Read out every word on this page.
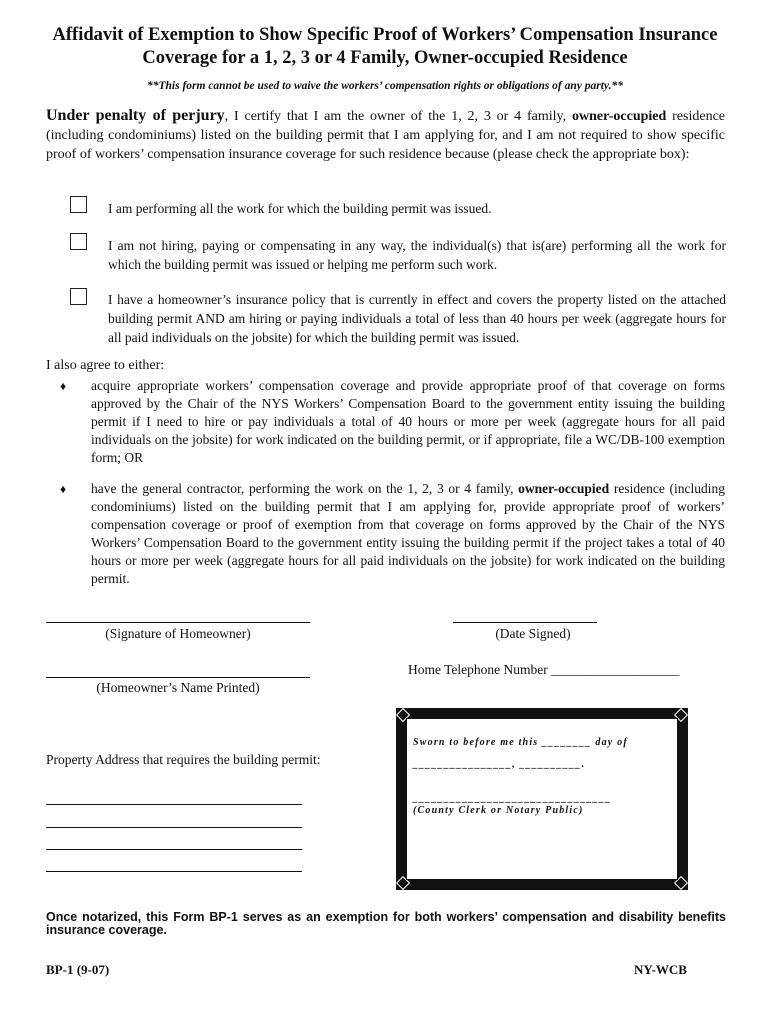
Affidavit of Exemption to Show Specific Proof of Workers’ Compensation Insurance
Coverage for a 1, 2, 3 or 4 Family, Owner-occupied Residence
**This form cannot be used to waive the workers’ compensation rights or obligations of any party.**
Under penalty of perjury, I certify that I am the owner of the 1, 2, 3 or 4 family, owner-occupied residence (including condominiums) listed on the building permit that I am applying for, and I am not required to show specific proof of workers’ compensation insurance coverage for such residence because (please check the appropriate box):
I am performing all the work for which the building permit was issued.
I am not hiring, paying or compensating in any way, the individual(s) that is(are) performing all the work for which the building permit was issued or helping me perform such work.
I have a homeowner’s insurance policy that is currently in effect and covers the property listed on the attached building permit AND am hiring or paying individuals a total of less than 40 hours per week (aggregate hours for all paid individuals on the jobsite) for which the building permit was issued.
I also agree to either:
♦ acquire appropriate workers’ compensation coverage and provide appropriate proof of that coverage on forms approved by the Chair of the NYS Workers’ Compensation Board to the government entity issuing the building permit if I need to hire or pay individuals a total of 40 hours or more per week (aggregate hours for all paid individuals on the jobsite) for work indicated on the building permit, or if appropriate, file a WC/DB-100 exemption form; OR
♦ have the general contractor, performing the work on the 1, 2, 3 or 4 family, owner-occupied residence (including condominiums) listed on the building permit that I am applying for, provide appropriate proof of workers’ compensation coverage or proof of exemption from that coverage on forms approved by the Chair of the NYS Workers’ Compensation Board to the government entity issuing the building permit if the project takes a total of 40 hours or more per week (aggregate hours for all paid individuals on the jobsite) for work indicated on the building permit.
(Signature of Homeowner)	(Date Signed)
(Homeowner’s Name Printed)
Home Telephone Number ___________________
Property Address that requires the building permit:
Sworn to before me this ________ day of
________________, __________.
________________________________
(County Clerk or Notary Public)
Once notarized, this Form BP-1 serves as an exemption for both workers’ compensation and disability benefits insurance coverage.
BP-1 (9-07)	NY-WCB
